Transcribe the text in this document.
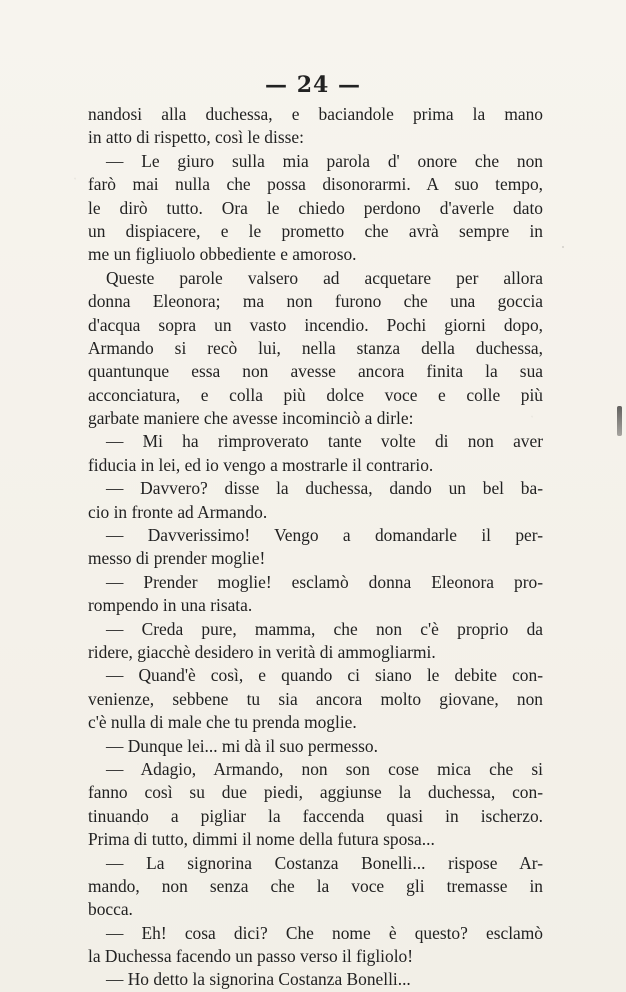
— 24 —
nandosi alla duchessa, e baciandole prima la mano
in atto di rispetto, così le disse:
— Le giuro sulla mia parola d' onore che non
farò mai nulla che possa disonorarmi. A suo tempo,
le dirò tutto. Ora le chiedo perdono d'averle dato
un dispiacere, e le prometto che avrà sempre in
me un figliuolo obbediente e amoroso.
Queste parole valsero ad acquetare per allora
donna Eleonora; ma non furono che una goccia
d'acqua sopra un vasto incendio. Pochi giorni dopo,
Armando si recò lui, nella stanza della duchessa,
quantunque essa non avesse ancora finita la sua
acconciatura, e colla più dolce voce e colle più
garbate maniere che avesse incominciò a dirle:
— Mi ha rimproverato tante volte di non aver
fiducia in lei, ed io vengo a mostrarle il contrario.
— Davvero? disse la duchessa, dando un bel ba-
cio in fronte ad Armando.
— Davverissimo! Vengo a domandarle il per-
messo di prender moglie!
— Prender moglie! esclamò donna Eleonora pro-
rompendo in una risata.
— Creda pure, mamma, che non c'è proprio da
ridere, giacchè desidero in verità di ammogliarmi.
— Quand'è così, e quando ci siano le debite con-
venienze, sebbene tu sia ancora molto giovane, non
c'è nulla di male che tu prenda moglie.
— Dunque lei... mi dà il suo permesso.
— Adagio, Armando, non son cose mica che si
fanno così su due piedi, aggiunse la duchessa, con-
tinuando a pigliar la faccenda quasi in ischerzo.
Prima di tutto, dimmi il nome della futura sposa...
— La signorina Costanza Bonelli... rispose Ar-
mando, non senza che la voce gli tremasse in
bocca.
— Eh! cosa dici? Che nome è questo? esclamò
la Duchessa facendo un passo verso il figliolo!
— Ho detto la signorina Costanza Bonelli...
